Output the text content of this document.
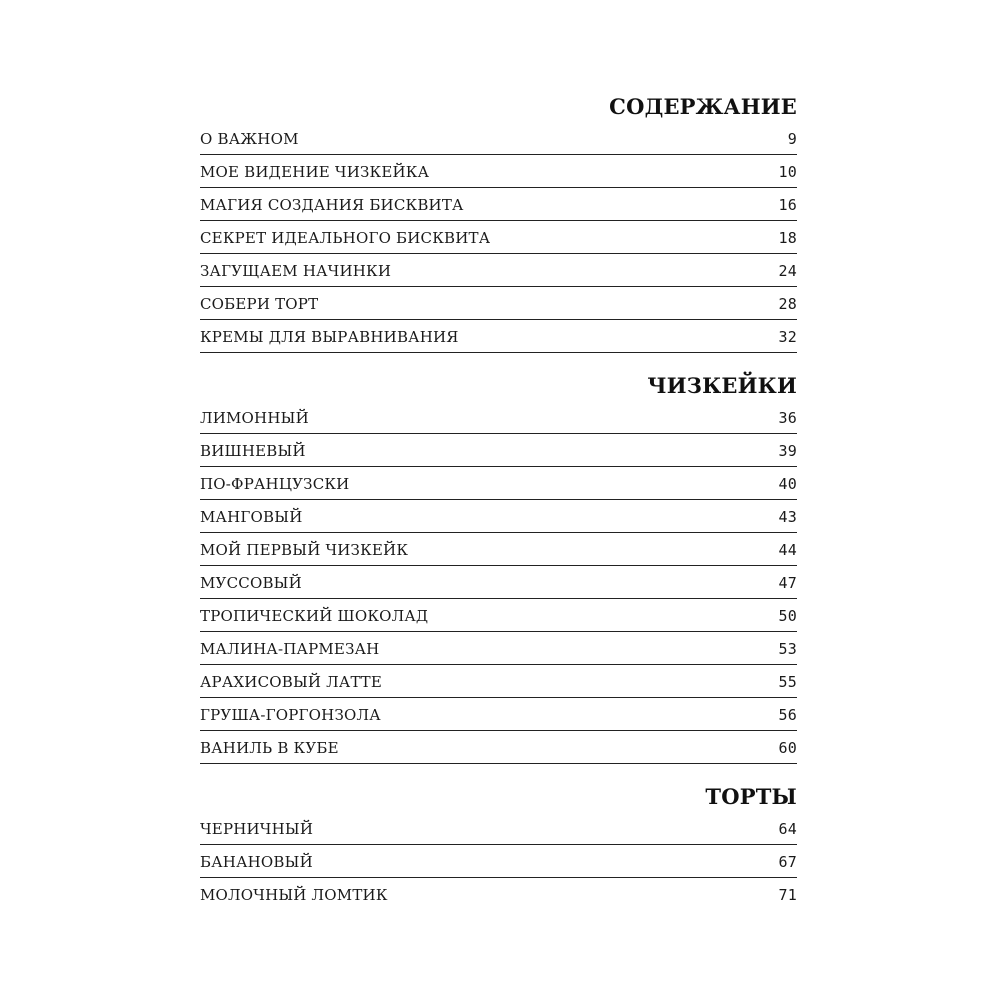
СОДЕРЖАНИЕ
О ВАЖНОМ	9
МОЕ ВИДЕНИЕ ЧИЗКЕЙКА	10
МАГИЯ СОЗДАНИЯ БИСКВИТА	16
СЕКРЕТ ИДЕАЛЬНОГО БИСКВИТА	18
ЗАГУЩАЕМ НАЧИНКИ	24
СОБЕРИ ТОРТ	28
КРЕМЫ ДЛЯ ВЫРАВНИВАНИЯ	32
ЧИЗКЕЙКИ
ЛИМОННЫЙ	36
ВИШНЕВЫЙ	39
ПО-ФРАНЦУЗСКИ	40
МАНГОВЫЙ	43
МОЙ ПЕРВЫЙ ЧИЗКЕЙК	44
МУССОВЫЙ	47
ТРОПИЧЕСКИЙ ШОКОЛАД	50
МАЛИНА-ПАРМЕЗАН	53
АРАХИСОВЫЙ ЛАТТЕ	55
ГРУША-ГОРГОНЗОЛА	56
ВАНИЛЬ В КУБЕ	60
ТОРТЫ
ЧЕРНИЧНЫЙ	64
БАНАНОВЫЙ	67
МОЛОЧНЫЙ ЛОМТИК	71
